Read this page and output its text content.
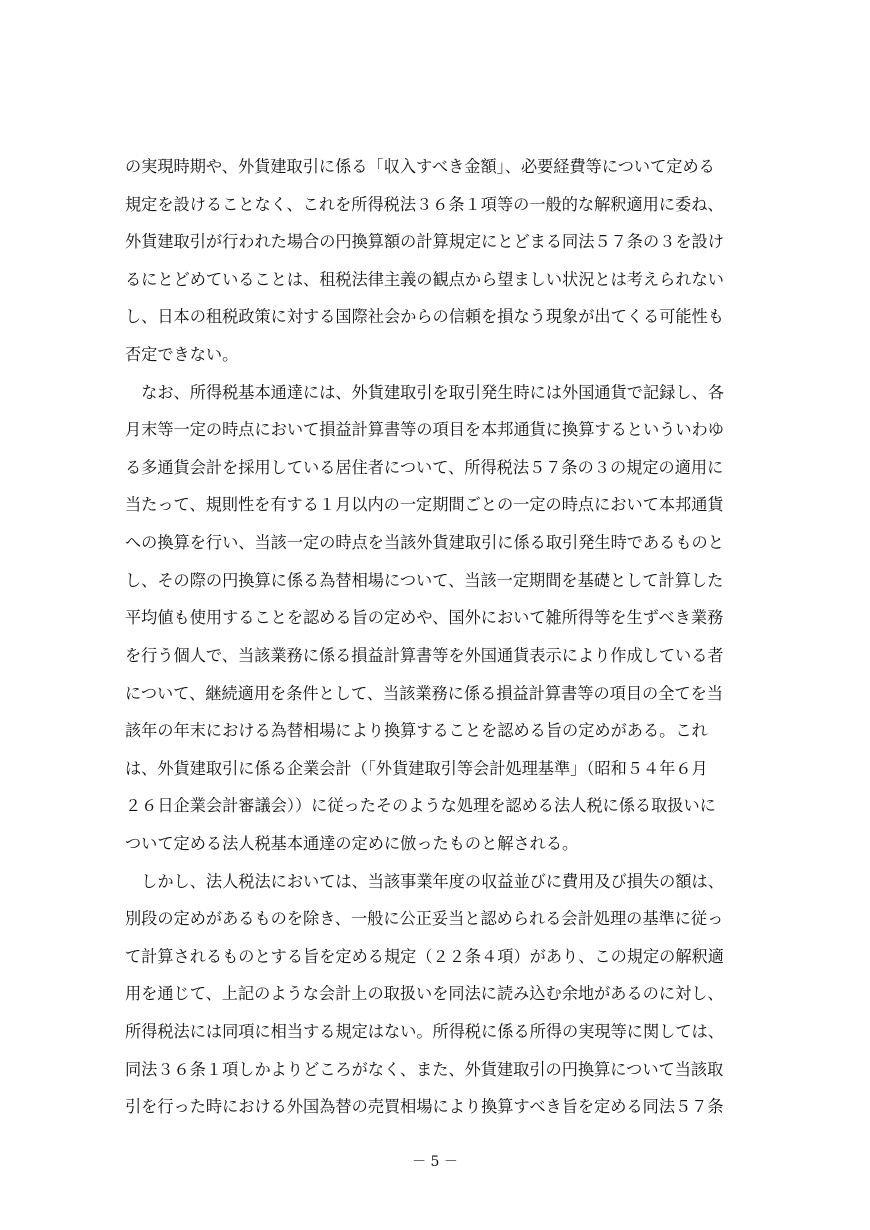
の実現時期や、外貨建取引に係る「収入すべき金額」、必要経費等について定める
規定を設けることなく、これを所得税法３６条１項等の一般的な解釈適用に委ね、
外貨建取引が行われた場合の円換算額の計算規定にとどまる同法５７条の３を設け
るにとどめていることは、租税法律主義の観点から望ましい状況とは考えられない
し、日本の租税政策に対する国際社会からの信頼を損なう現象が出てくる可能性も
否定できない。
　なお、所得税基本通達には、外貨建取引を取引発生時には外国通貨で記録し、各
月末等一定の時点において損益計算書等の項目を本邦通貨に換算するといういわゆ
る多通貨会計を採用している居住者について、所得税法５７条の３の規定の適用に
当たって、規則性を有する１月以内の一定期間ごとの一定の時点において本邦通貨
への換算を行い、当該一定の時点を当該外貨建取引に係る取引発生時であるものと
し、その際の円換算に係る為替相場について、当該一定期間を基礎として計算した
平均値も使用することを認める旨の定めや、国外において雑所得等を生ずべき業務
を行う個人で、当該業務に係る損益計算書等を外国通貨表示により作成している者
について、継続適用を条件として、当該業務に係る損益計算書等の項目の全てを当
該年の年末における為替相場により換算することを認める旨の定めがある。これ
は、外貨建取引に係る企業会計（「外貨建取引等会計処理基準」（昭和５４年６月
２６日企業会計審議会））に従ったそのような処理を認める法人税に係る取扱いに
ついて定める法人税基本通達の定めに倣ったものと解される。
　しかし、法人税法においては、当該事業年度の収益並びに費用及び損失の額は、
別段の定めがあるものを除き、一般に公正妥当と認められる会計処理の基準に従っ
て計算されるものとする旨を定める規定（２２条４項）があり、この規定の解釈適
用を通じて、上記のような会計上の取扱いを同法に読み込む余地があるのに対し、
所得税法には同項に相当する規定はない。所得税に係る所得の実現等に関しては、
同法３６条１項しかよりどころがなく、また、外貨建取引の円換算について当該取
引を行った時における外国為替の売買相場により換算すべき旨を定める同法５７条
－ 5 －
